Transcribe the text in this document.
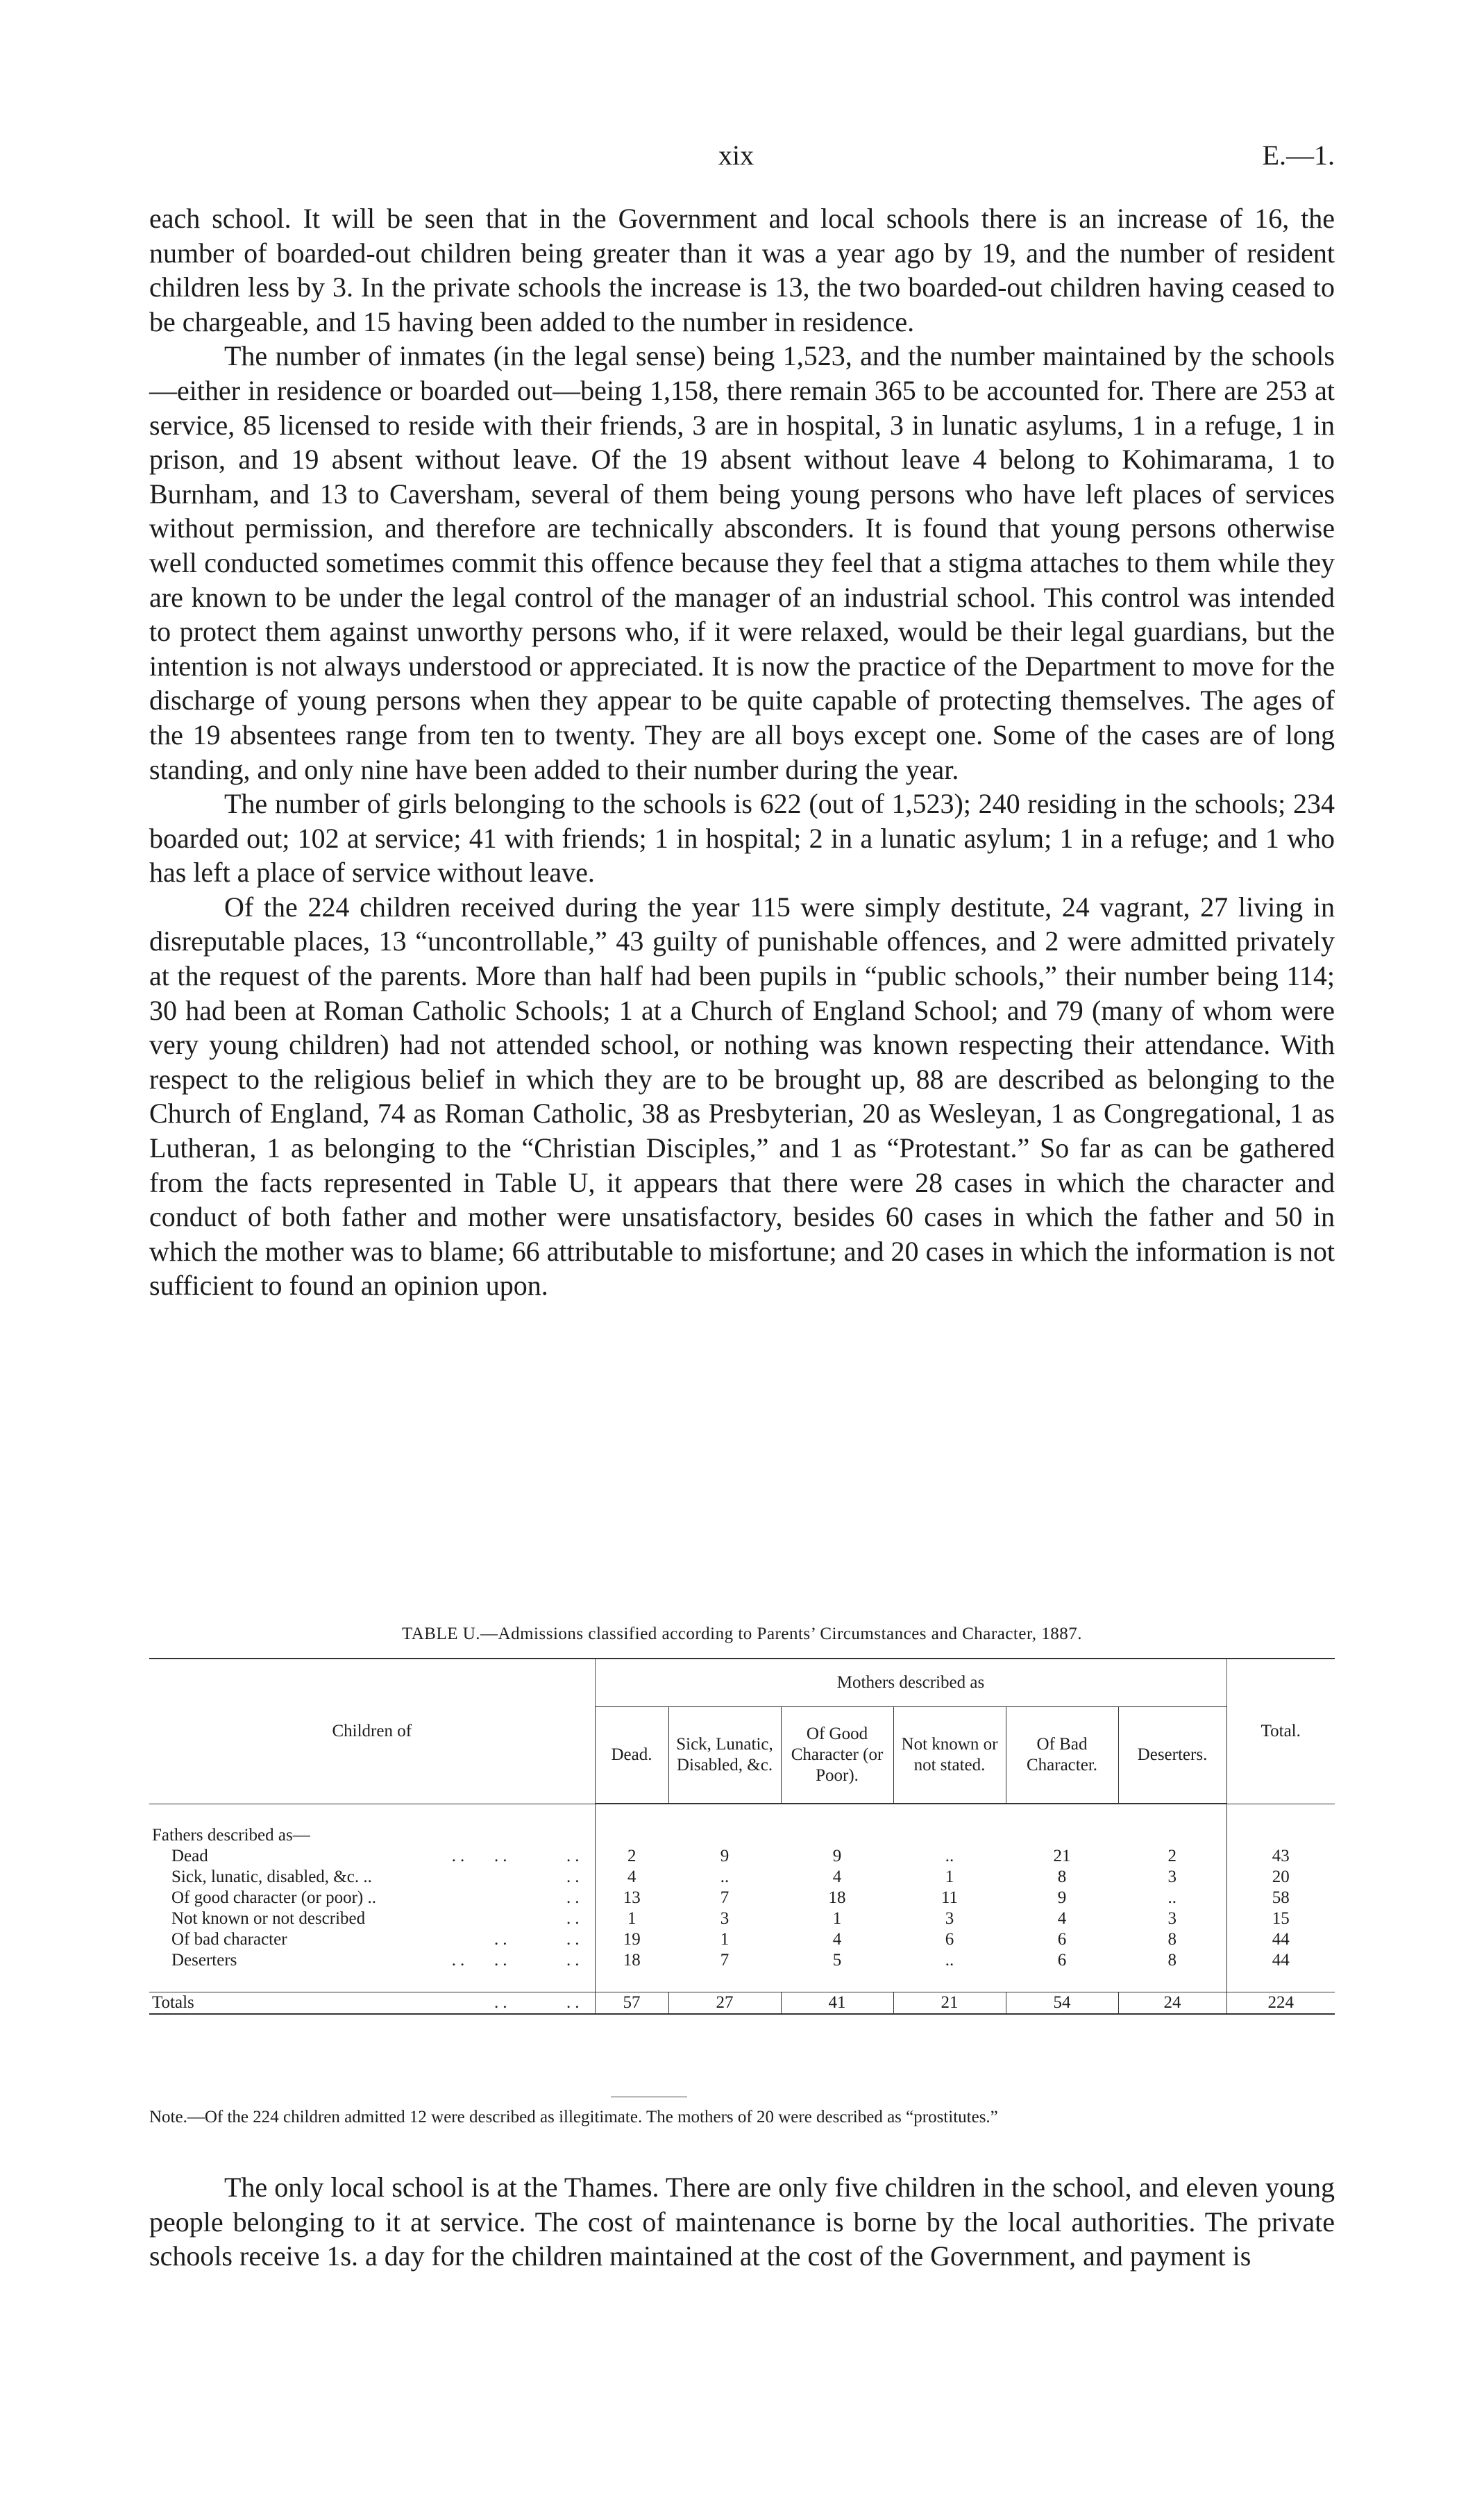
xix	E.—1.

each school. It will be seen that in the Government and local schools there is an increase of 16, the number of boarded-out children being greater than it was a year ago by 19, and the number of resident children less by 3. In the private schools the increase is 13, the two boarded-out children having ceased to be chargeable, and 15 having been added to the number in residence.

The number of inmates (in the legal sense) being 1,523, and the number maintained by the schools—either in residence or boarded out—being 1,158, there remain 365 to be accounted for. There are 253 at service, 85 licensed to reside with their friends, 3 are in hospital, 3 in lunatic asylums, 1 in a refuge, 1 in prison, and 19 absent without leave. Of the 19 absent without leave 4 belong to Kohimarama, 1 to Burnham, and 13 to Caversham, several of them being young persons who have left places of services without permission, and therefore are technically absconders. It is found that young persons otherwise well conducted sometimes commit this offence because they feel that a stigma attaches to them while they are known to be under the legal control of the manager of an industrial school. This control was intended to protect them against unworthy persons who, if it were relaxed, would be their legal guardians, but the intention is not always understood or appreciated. It is now the practice of the Department to move for the discharge of young persons when they appear to be quite capable of protecting themselves. The ages of the 19 absentees range from ten to twenty. They are all boys except one. Some of the cases are of long standing, and only nine have been added to their number during the year.

The number of girls belonging to the schools is 622 (out of 1,523); 240 residing in the schools; 234 boarded out; 102 at service; 41 with friends; 1 in hospital; 2 in a lunatic asylum; 1 in a refuge; and 1 who has left a place of service without leave.

Of the 224 children received during the year 115 were simply destitute, 24 vagrant, 27 living in disreputable places, 13 “uncontrollable,” 43 guilty of punishable offences, and 2 were admitted privately at the request of the parents. More than half had been pupils in “public schools,” their number being 114; 30 had been at Roman Catholic Schools; 1 at a Church of England School; and 79 (many of whom were very young children) had not attended school, or nothing was known respecting their attendance. With respect to the religious belief in which they are to be brought up, 88 are described as belonging to the Church of England, 74 as Roman Catholic, 38 as Presbyterian, 20 as Wesleyan, 1 as Congregational, 1 as Lutheran, 1 as belonging to the “Christian Disciples,” and 1 as “Protestant.” So far as can be gathered from the facts represented in Table U, it appears that there were 28 cases in which the character and conduct of both father and mother were unsatisfactory, besides 60 cases in which the father and 50 in which the mother was to blame; 66 attributable to misfortune; and 20 cases in which the information is not sufficient to found an opinion upon.

TABLE U.—Admissions classified according to Parents’ Circumstances and Character, 1887.
Children of	Mothers described as						Total.
	Dead.	Sick, Lunatic, Disabled, &c.	Of Good Character (or Poor).	Not known or not stated.	Of Bad Character.	Deserters.	

Fathers described as—							
Dead ..   .. ..	2	9	9	..	21	2	43
Sick, lunatic, disabled, &c. .. ..	4	..	4	1	8	3	20
Of good character (or poor) .. ..	13	7	18	11	9	..	58
Not known or not described ..	1	3	1	3	4	3	15
Of bad character .. ..	19	1	4	6	6	8	44
Deserters ..   .. ..	18	7	5	..	6	8	44

Totals .. ..	57	27	41	21	54	24	224

Note.—Of the 224 children admitted 12 were described as illegitimate. The mothers of 20 were described as “prostitutes.”

The only local school is at the Thames. There are only five children in the school, and eleven young people belonging to it at service. The cost of maintenance is borne by the local authorities. The private schools receive 1s. a day for the children maintained at the cost of the Government, and payment is
